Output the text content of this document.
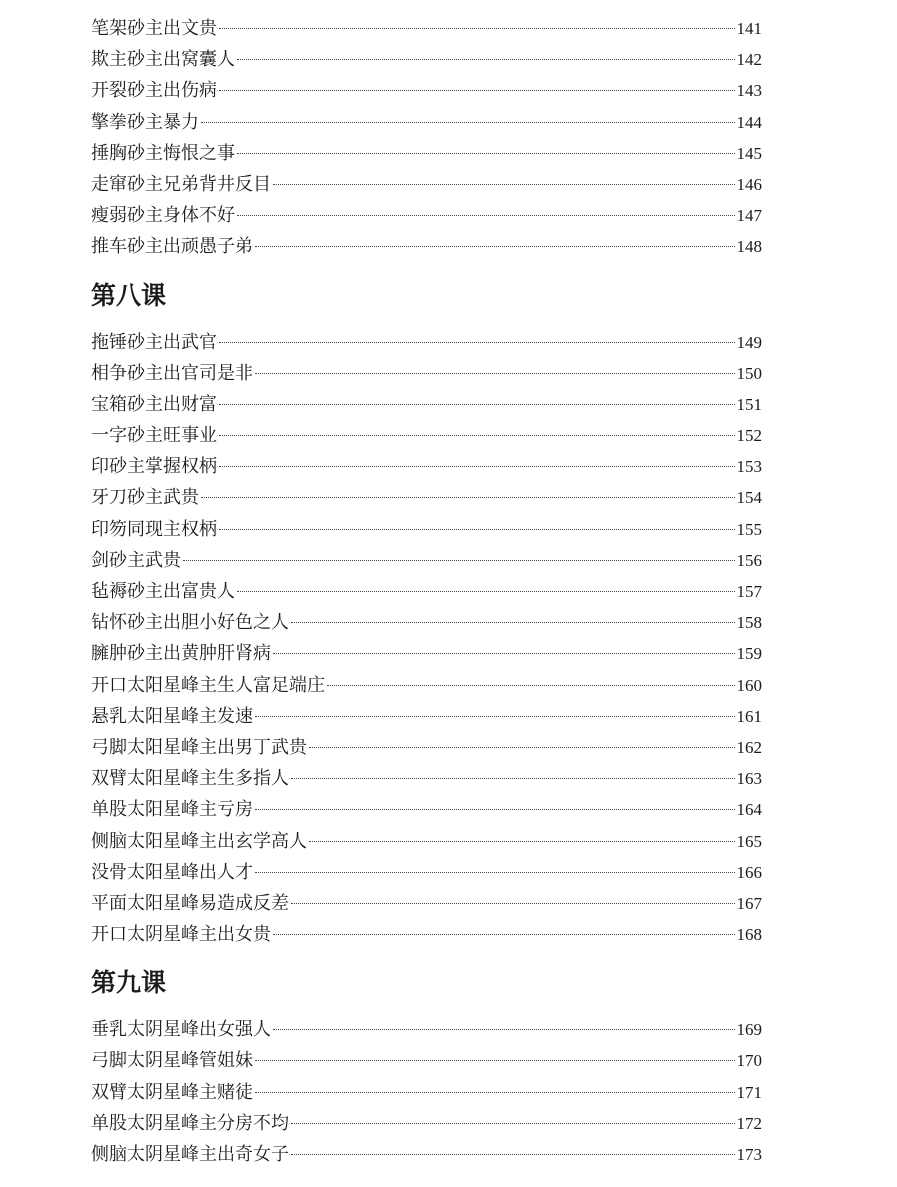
笔架砂主出文贵	141
欺主砂主出窝囊人	142
开裂砂主出伤病	143
擎拳砂主暴力	144
捶胸砂主悔恨之事	145
走窜砂主兄弟背井反目	146
瘦弱砂主身体不好	147
推车砂主出顽愚子弟	148
第八课
拖锤砂主出武官	149
相争砂主出官司是非	150
宝箱砂主出财富	151
一字砂主旺事业	152
印砂主掌握权柄	153
牙刀砂主武贵	154
印笏同现主权柄	155
剑砂主武贵	156
毡褥砂主出富贵人	157
钻怀砂主出胆小好色之人	158
臃肿砂主出黄肿肝肾病	159
开口太阳星峰主生人富足端庄	160
悬乳太阳星峰主发速	161
弓脚太阳星峰主出男丁武贵	162
双臂太阳星峰主生多指人	163
单股太阳星峰主亏房	164
侧脑太阳星峰主出玄学高人	165
没骨太阳星峰出人才	166
平面太阳星峰易造成反差	167
开口太阴星峰主出女贵	168
第九课
垂乳太阴星峰出女强人	169
弓脚太阴星峰管姐妹	170
双臂太阴星峰主赌徒	171
单股太阴星峰主分房不均	172
侧脑太阴星峰主出奇女子	173
